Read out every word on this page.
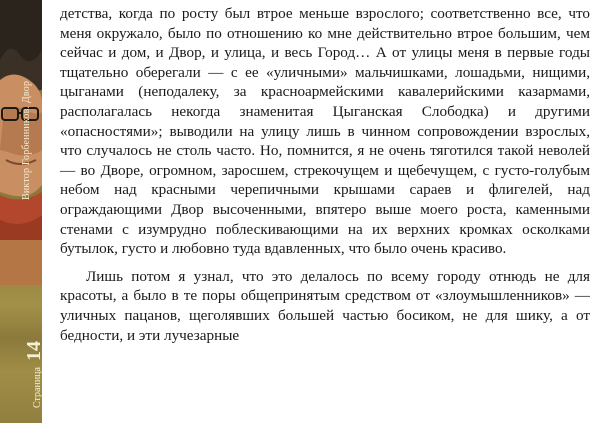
Виктор Горбенников. Двор
Страница 14

детства, когда по росту был втрое меньше взрослого; соответственно все, что меня окружало, было по отношению ко мне действительно втрое большим, чем сейчас и дом, и Двор, и улица, и весь Город… А от улицы меня в первые годы тщательно оберегали — с ее «уличными» мальчишками, лошадьми, нищими, цыганами (неподалеку, за красноармейскими кавалерийскими казармами, располагалась некогда знаменитая Цыганская Слободка) и другими «опасностями»; выводили на улицу лишь в чинном сопровождении взрослых, что случалось не столь часто. Но, помнится, я не очень тяготился такой неволей — во Дворе, огромном, заросшем, стрекочущем и щебечущем, с густо-голубым небом над красными черепичными крышами сараев и флигелей, над ограждающими Двор высоченными, впятеро выше моего роста, каменными стенами с изумрудно поблескивающими на их верхних кромках осколками бутылок, густо и любовно туда вдавленных, что было очень красиво.

Лишь потом я узнал, что это делалось по всему городу отнюдь не для красоты, а было в те поры общепринятым средством от «злоумышленников» — уличных пацанов, щеголявших большей частью босиком, не для шику, а от бедности, и эти лучезарные
